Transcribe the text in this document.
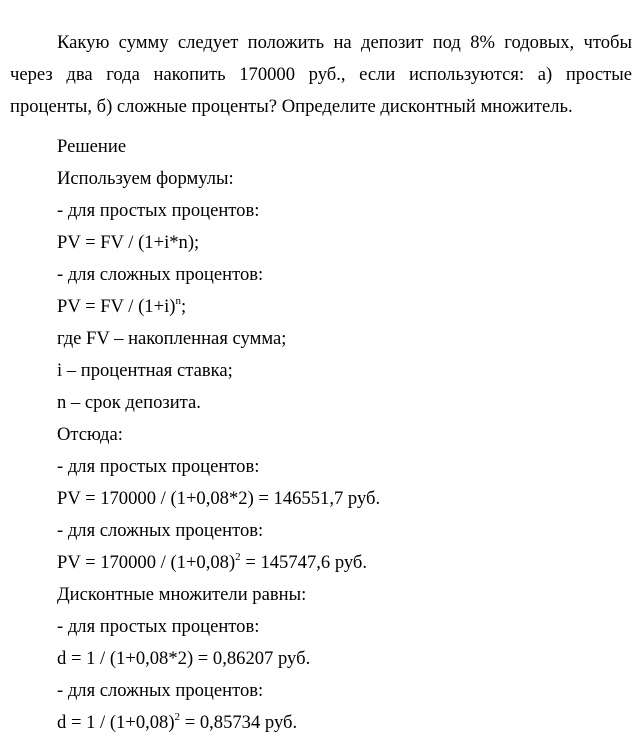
Какую сумму следует положить на депозит под 8% годовых, чтобы через два года накопить 170000 руб., если используются: а) простые проценты, б) сложные проценты? Определите дисконтный множитель.

Решение
Используем формулы:
- для простых процентов:
PV = FV / (1+i*n);
- для сложных процентов:
PV = FV / $(1+i)^n$;
где FV – накопленная сумма;
i – процентная ставка;
n – срок депозита.
Отсюда:
- для простых процентов:
PV = 170000 / (1+0,08*2) = 146551,7 руб.
- для сложных процентов:
PV = $170000 / (1+0,08)^2 = 145747,6$ руб.
Дисконтные множители равны:
- для простых процентов:
d = 1 / (1+0,08*2) = 0,86207 руб.
- для сложных процентов:
$d = 1 / (1+0,08)^2 = 0,85734$ руб.
